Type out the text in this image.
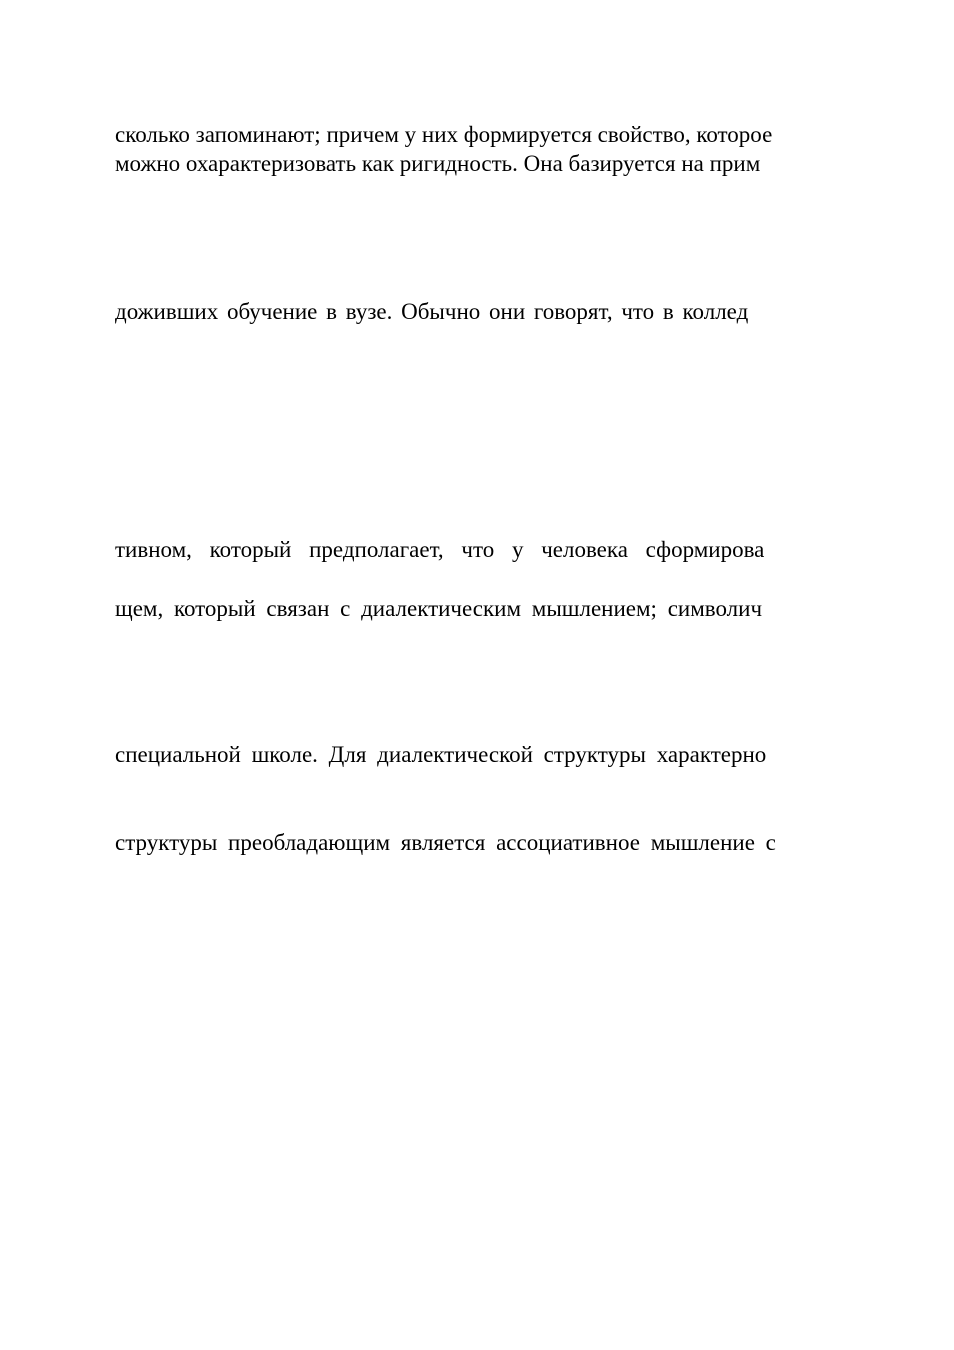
сколько запоминают; причем у них формируется свойство, которое

можно охарактеризовать как ригидность. Она базируется на прим

доживших обучение в вузе. Обычно они говорят, что в коллед

тивном, который предполагает, что у человека сформирова

щем, который связан с диалектическим мышлением; символич

специальной школе. Для диалектической структуры характерно

структуры преобладающим является ассоциативное мышление с
